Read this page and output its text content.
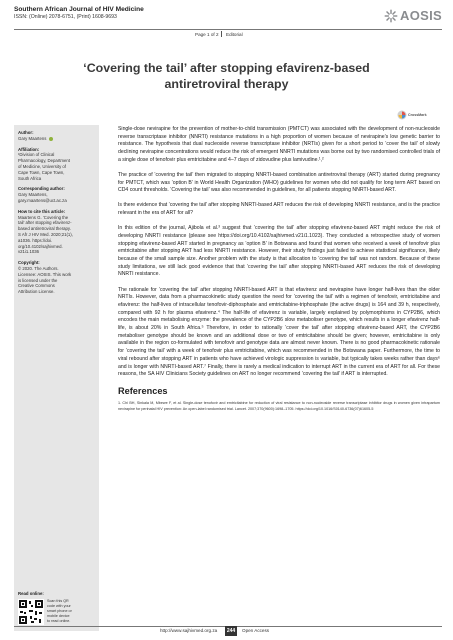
Southern African Journal of HIV Medicine
ISSN: (Online) 2078-6751, (Print) 1608-9693	AOSIS
Page 1 of 2 Editorial
‘Covering the tail’ after stopping efavirenz-based
antiretroviral therapy
CrossMark
Author:
Gary Maartens
Affiliation:
¹Division of Clinical
Pharmacology, Department
of Medicine, University of
Cape Town, Cape Town,
South Africa
Corresponding author:
Gary Maartens,
gary.maartens@uct.ac.za
How to cite this article:
Maartens G. ‘Covering the
tail’ after stopping efavirenz-
based antiretroviral therapy.
S Afr J HIV Med. 2020;21(1),
a1036. https://doi.
org/10.4102/sajhivmed.
v21i1.1036
Copyright:
© 2020. The Authors.
Licensee: AOSIS. This work
is licensed under the
Creative Commons
Attribution License.
Read online:
Scan this QR
code with your
smart phone or
mobile device
to read online.

Single-dose nevirapine for the prevention of mother-to-child transmission (PMTCT) was associated with the development of non-nucleoside reverse transcriptase inhibitor (NNRTI) resistance mutations in a high proportion of women because of nevirapine’s low genetic barrier to resistance. The hypothesis that dual nucleoside reverse transcriptase inhibitor (NRTIs) given for a short period to ‘cover the tail’ of slowly declining nevirapine concentrations would reduce the risk of emergent NNRTI mutations was borne out by two randomised controlled trials of a single dose of tenofovir plus emtricitabine and 4–7 days of zidovudine plus lamivudine.¹,²

The practice of ‘covering the tail’ then migrated to stopping NNRTI-based combination antiretroviral therapy (ART) started during pregnancy for PMTCT, which was ‘option B’ in World Health Organization (WHO) guidelines for women who did not qualify for long term ART based on CD4 count thresholds. ‘Covering the tail’ was also recommended in guidelines, for all patients stopping NNRTI-based ART.

Is there evidence that ‘covering the tail’ after stopping NNRTI-based ART reduces the risk of developing NNRTI resistance, and is the practice relevant in the era of ART for all?

In this edition of the journal, Ajibola et al.³ suggest that ‘covering the tail’ after stopping efavirenz-based ART might reduce the risk of developing NNRTI resistance (please see https://doi.org/10.4102/sajhivmed.v21i1.1023). They conducted a retrospective study of women stopping efavirenz-based ART started in pregnancy as ‘option B’ in Botswana and found that women who received a week of tenofovir plus emtricitabine after stopping ART had less NNRTI resistance. However, their study findings just failed to achieve statistical significance, likely because of the small sample size. Another problem with the study is that allocation to ‘covering the tail’ was not random. Because of these study limitations, we still lack good evidence that that ‘covering the tail’ after stopping NNRTI-based ART reduces the risk of developing NNRTI resistance.

The rationale for ‘covering the tail’ after stopping NNRTI-based ART is that efavirenz and nevirapine have longer half-lives than the older NRTIs. However, data from a pharmacokinetic study question the need for ‘covering the tail’ with a regimen of tenofovir, emtricitabine and efavirenz: the half-lives of intracellular tenofovir-diphosphate and emtricitabine-triphosphate (the active drugs) is 164 and 39 h, respectively, compared with 92 h for plasma efavirenz.⁴ The half-life of efavirenz is variable, largely explained by polymorphisms in CYP2B6, which encodes the main metabolising enzyme: the prevalence of the CYP2B6 slow metaboliser genotype, which results in a longer efavirenz half-life, is about 20% in South Africa.⁵ Therefore, in order to rationally ‘cover the tail’ after stopping efavirenz-based ART, the CYP2B6 metaboliser genotype should be known and an additional dose or two of emtricitabine should be given; however, emtricitabine is only available in the region co-formulated with tenofovir and genotype data are almost never known. There is no good pharmacokinetic rationale for ‘covering the tail’ with a week of tenofovir plus emtricitabine, which was recommended in the Botswana paper. Furthermore, the time to viral rebound after stopping ART in patients who have achieved virologic suppression is variable, but typically takes weeks rather than days⁶ and is longer with NNRTI-based ART.⁷ Finally, there is rarely a medical indication to interrupt ART in the current era of ART for all. For these reasons, the SA HIV Clinicians Society guidelines on ART no longer recommend ‘covering the tail’ if ART is interrupted.

References

1. Chi BH, Sinkala M, Mbewe F, et al. Single-dose tenofovir and emtricitabine for reduction of viral resistance to non-nucleoside reverse transcriptase inhibitor drugs in women given intrapartum nevirapine for perinatal HIV prevention: An open-label randomised trial. Lancet. 2007;370(9600):1698–1705. https://doi.org/10.1016/S0140-6736(07)61605-5

http://www.sajhivmed.org.za	244	Open Access
